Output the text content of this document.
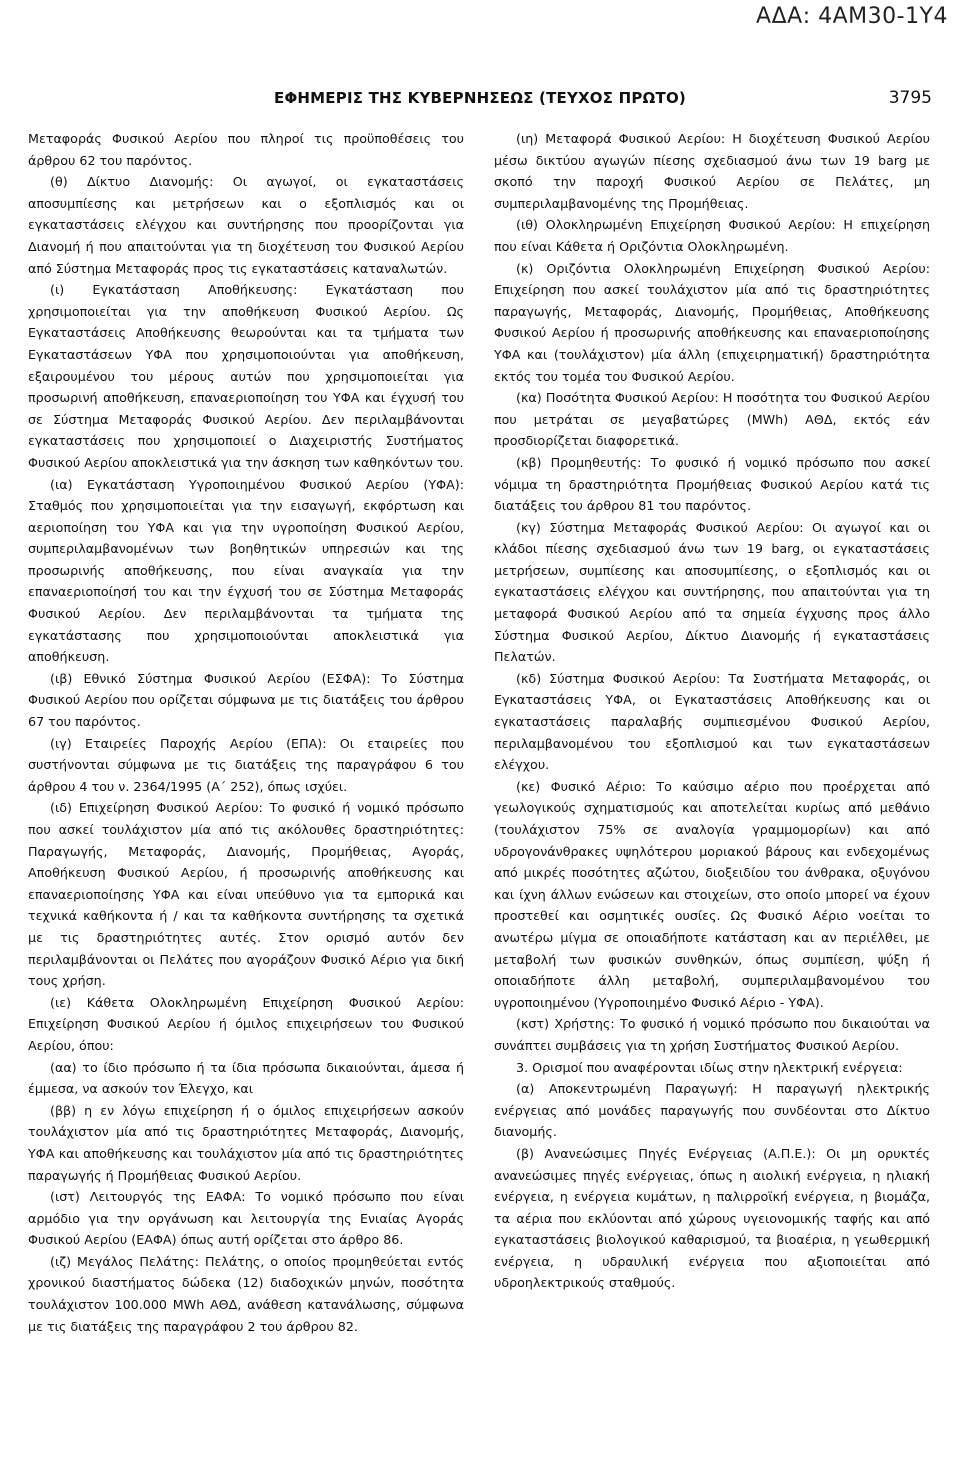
ΑΔΑ: 4ΑΜ30-1Υ4
ΕΦΗΜΕΡΙΣ ΤΗΣ ΚΥΒΕΡΝΗΣΕΩΣ (ΤΕΥΧΟΣ ΠΡΩΤΟ)	3795

Μεταφοράς Φυσικού Αερίου που πληροί τις προϋποθέσεις του άρθρου 62 του παρόντος.

(θ) Δίκτυο Διανομής: Οι αγωγοί, οι εγκαταστάσεις αποσυμπίεσης και μετρήσεων και ο εξοπλισμός και οι εγκαταστάσεις ελέγχου και συντήρησης που προορίζονται για Διανομή ή που απαιτούνται για τη διοχέτευση του Φυσικού Αερίου από Σύστημα Μεταφοράς προς τις εγκαταστάσεις καταναλωτών.

(ι) Εγκατάσταση Αποθήκευσης: Εγκατάσταση που χρησιμοποιείται για την αποθήκευση Φυσικού Αερίου. Ως Εγκαταστάσεις Αποθήκευσης θεωρούνται και τα τμήματα των Εγκαταστάσεων ΥΦΑ που χρησιμοποιούνται για αποθήκευση, εξαιρουμένου του μέρους αυτών που χρησιμοποιείται για προσωρινή αποθήκευση, επαναεριοποίηση του ΥΦΑ και έγχυσή του σε Σύστημα Μεταφοράς Φυσικού Αερίου. Δεν περιλαμβάνονται εγκαταστάσεις που χρησιμοποιεί ο Διαχειριστής Συστήματος Φυσικού Αερίου αποκλειστικά για την άσκηση των καθηκόντων του.

(ια) Εγκατάσταση Υγροποιημένου Φυσικού Αερίου (ΥΦΑ): Σταθμός που χρησιμοποιείται για την εισαγωγή, εκφόρτωση και αεριοποίηση του ΥΦΑ και για την υγροποίηση Φυσικού Αερίου, συμπεριλαμβανομένων των βοηθητικών υπηρεσιών και της προσωρινής αποθήκευσης, που είναι αναγκαία για την επαναεριοποίησή του και την έγχυσή του σε Σύστημα Μεταφοράς Φυσικού Αερίου. Δεν περιλαμβάνονται τα τμήματα της εγκατάστασης που χρησιμοποιούνται αποκλειστικά για αποθήκευση.

(ιβ) Εθνικό Σύστημα Φυσικού Αερίου (ΕΣΦΑ): Το Σύστημα Φυσικού Αερίου που ορίζεται σύμφωνα με τις διατάξεις του άρθρου 67 του παρόντος.

(ιγ) Εταιρείες Παροχής Αερίου (ΕΠΑ): Οι εταιρείες που συστήνονται σύμφωνα με τις διατάξεις της παραγράφου 6 του άρθρου 4 του ν. 2364/1995 (Α΄ 252), όπως ισχύει.

(ιδ) Επιχείρηση Φυσικού Αερίου: Το φυσικό ή νομικό πρόσωπο που ασκεί τουλάχιστον μία από τις ακόλουθες δραστηριότητες: Παραγωγής, Μεταφοράς, Διανομής, Προμήθειας, Αγοράς, Αποθήκευση Φυσικού Αερίου, ή προσωρινής αποθήκευσης και επαναεριοποίησης ΥΦΑ και είναι υπεύθυνο για τα εμπορικά και τεχνικά καθήκοντα ή / και τα καθήκοντα συντήρησης τα σχετικά με τις δραστηριότητες αυτές. Στον ορισμό αυτόν δεν περιλαμβάνονται οι Πελάτες που αγοράζουν Φυσικό Αέριο για δική τους χρήση.

(ιε) Κάθετα Ολοκληρωμένη Επιχείρηση Φυσικού Αερίου: Επιχείρηση Φυσικού Αερίου ή όμιλος επιχειρήσεων του Φυσικού Αερίου, όπου:

(αα) το ίδιο πρόσωπο ή τα ίδια πρόσωπα δικαιούνται, άμεσα ή έμμεσα, να ασκούν τον Έλεγχο, και

(ββ) η εν λόγω επιχείρηση ή ο όμιλος επιχειρήσεων ασκούν τουλάχιστον μία από τις δραστηριότητες Μεταφοράς, Διανομής, ΥΦΑ και αποθήκευσης και τουλάχιστον μία από τις δραστηριότητες παραγωγής ή Προμήθειας Φυσικού Αερίου.

(ιστ) Λειτουργός της ΕΑΦΑ: Το νομικό πρόσωπο που είναι αρμόδιο για την οργάνωση και λειτουργία της Ενιαίας Αγοράς Φυσικού Αερίου (ΕΑΦΑ) όπως αυτή ορίζεται στο άρθρο 86.

(ιζ) Μεγάλος Πελάτης: Πελάτης, ο οποίος προμηθεύεται εντός χρονικού διαστήματος δώδεκα (12) διαδοχικών μηνών, ποσότητα τουλάχιστον 100.000 MWh ΑΘΔ, ανάθεση κατανάλωσης, σύμφωνα με τις διατάξεις της παραγράφου 2 του άρθρου 82.

(ιη) Μεταφορά Φυσικού Αερίου: Η διοχέτευση Φυσικού Αερίου μέσω δικτύου αγωγών πίεσης σχεδιασμού άνω των 19 barg με σκοπό την παροχή Φυσικού Αερίου σε Πελάτες, μη συμπεριλαμβανομένης της Προμήθειας.

(ιθ) Ολοκληρωμένη Επιχείρηση Φυσικού Αερίου: Η επιχείρηση που είναι Κάθετα ή Οριζόντια Ολοκληρωμένη.

(κ) Οριζόντια Ολοκληρωμένη Επιχείρηση Φυσικού Αερίου: Επιχείρηση που ασκεί τουλάχιστον μία από τις δραστηριότητες παραγωγής, Μεταφοράς, Διανομής, Προμήθειας, Αποθήκευσης Φυσικού Αερίου ή προσωρινής αποθήκευσης και επαναεριοποίησης ΥΦΑ και (τουλάχιστον) μία άλλη (επιχειρηματική) δραστηριότητα εκτός του τομέα του Φυσικού Αερίου.

(κα) Ποσότητα Φυσικού Αερίου: Η ποσότητα του Φυσικού Αερίου που μετράται σε μεγαβατώρες (MWh) ΑΘΔ, εκτός εάν προσδιορίζεται διαφορετικά.

(κβ) Προμηθευτής: Το φυσικό ή νομικό πρόσωπο που ασκεί νόμιμα τη δραστηριότητα Προμήθειας Φυσικού Αερίου κατά τις διατάξεις του άρθρου 81 του παρόντος.

(κγ) Σύστημα Μεταφοράς Φυσικού Αερίου: Οι αγωγοί και οι κλάδοι πίεσης σχεδιασμού άνω των 19 barg, οι εγκαταστάσεις μετρήσεων, συμπίεσης και αποσυμπίεσης, ο εξοπλισμός και οι εγκαταστάσεις ελέγχου και συντήρησης, που απαιτούνται για τη μεταφορά Φυσικού Αερίου από τα σημεία έγχυσης προς άλλο Σύστημα Φυσικού Αερίου, Δίκτυο Διανομής ή εγκαταστάσεις Πελατών.

(κδ) Σύστημα Φυσικού Αερίου: Τα Συστήματα Μεταφοράς, οι Εγκαταστάσεις ΥΦΑ, οι Εγκαταστάσεις Αποθήκευσης και οι εγκαταστάσεις παραλαβής συμπιεσμένου Φυσικού Αερίου, περιλαμβανομένου του εξοπλισμού και των εγκαταστάσεων ελέγχου.

(κε) Φυσικό Αέριο: Το καύσιμο αέριο που προέρχεται από γεωλογικούς σχηματισμούς και αποτελείται κυρίως από μεθάνιο (τουλάχιστον 75% σε αναλογία γραμμομορίων) και από υδρογονάνθρακες υψηλότερου μοριακού βάρους και ενδεχομένως από μικρές ποσότητες αζώτου, διοξειδίου του άνθρακα, οξυγόνου και ίχνη άλλων ενώσεων και στοιχείων, στο οποίο μπορεί να έχουν προστεθεί και οσμητικές ουσίες. Ως Φυσικό Αέριο νοείται το ανωτέρω μίγμα σε οποιαδήποτε κατάσταση και αν περιέλθει, με μεταβολή των φυσικών συνθηκών, όπως συμπίεση, ψύξη ή οποιαδήποτε άλλη μεταβολή, συμπεριλαμβανομένου του υγροποιημένου (Υγροποιημένο Φυσικό Αέριο - ΥΦΑ).

(κστ) Χρήστης: Το φυσικό ή νομικό πρόσωπο που δικαιούται να συνάπτει συμβάσεις για τη χρήση Συστήματος Φυσικού Αερίου.

3. Ορισμοί που αναφέρονται ιδίως στην ηλεκτρική ενέργεια:

(α) Αποκεντρωμένη Παραγωγή: Η παραγωγή ηλεκτρικής ενέργειας από μονάδες παραγωγής που συνδέονται στο Δίκτυο διανομής.

(β) Ανανεώσιμες Πηγές Ενέργειας (Α.Π.Ε.): Οι μη ορυκτές ανανεώσιμες πηγές ενέργειας, όπως η αιολική ενέργεια, η ηλιακή ενέργεια, η ενέργεια κυμάτων, η παλιρροϊκή ενέργεια, η βιομάζα, τα αέρια που εκλύονται από χώρους υγειονομικής ταφής και από εγκαταστάσεις βιολογικού καθαρισμού, τα βιοαέρια, η γεωθερμική ενέργεια, η υδραυλική ενέργεια που αξιοποιείται από υδροηλεκτρικούς σταθμούς.
